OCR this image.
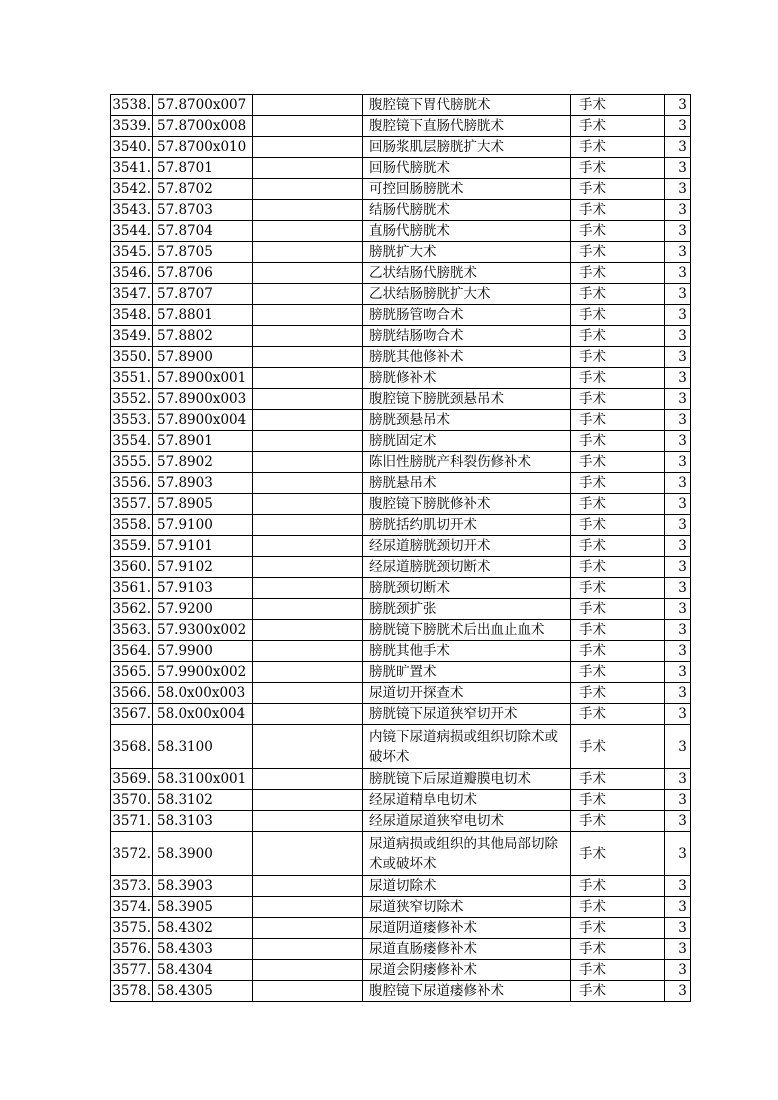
3538.	57.8700x007		腹腔镜下胃代膀胱术	手术	3
3539.	57.8700x008		腹腔镜下直肠代膀胱术	手术	3
3540.	57.8700x010		回肠浆肌层膀胱扩大术	手术	3
3541.	57.8701		回肠代膀胱术	手术	3
3542.	57.8702		可控回肠膀胱术	手术	3
3543.	57.8703		结肠代膀胱术	手术	3
3544.	57.8704		直肠代膀胱术	手术	3
3545.	57.8705		膀胱扩大术	手术	3
3546.	57.8706		乙状结肠代膀胱术	手术	3
3547.	57.8707		乙状结肠膀胱扩大术	手术	3
3548.	57.8801		膀胱肠管吻合术	手术	3
3549.	57.8802		膀胱结肠吻合术	手术	3
3550.	57.8900		膀胱其他修补术	手术	3
3551.	57.8900x001		膀胱修补术	手术	3
3552.	57.8900x003		腹腔镜下膀胱颈悬吊术	手术	3
3553.	57.8900x004		膀胱颈悬吊术	手术	3
3554.	57.8901		膀胱固定术	手术	3
3555.	57.8902		陈旧性膀胱产科裂伤修补术	手术	3
3556.	57.8903		膀胱悬吊术	手术	3
3557.	57.8905		腹腔镜下膀胱修补术	手术	3
3558.	57.9100		膀胱括约肌切开术	手术	3
3559.	57.9101		经尿道膀胱颈切开术	手术	3
3560.	57.9102		经尿道膀胱颈切断术	手术	3
3561.	57.9103		膀胱颈切断术	手术	3
3562.	57.9200		膀胱颈扩张	手术	3
3563.	57.9300x002		膀胱镜下膀胱术后出血止血术	手术	3
3564.	57.9900		膀胱其他手术	手术	3
3565.	57.9900x002		膀胱旷置术	手术	3
3566.	58.0x00x003		尿道切开探查术	手术	3
3567.	58.0x00x004		膀胱镜下尿道狭窄切开术	手术	3
3568.	58.3100		内镜下尿道病损或组织切除术或破坏术	手术	3
3569.	58.3100x001		膀胱镜下后尿道瓣膜电切术	手术	3
3570.	58.3102		经尿道精阜电切术	手术	3
3571.	58.3103		经尿道尿道狭窄电切术	手术	3
3572.	58.3900		尿道病损或组织的其他局部切除术或破坏术	手术	3
3573.	58.3903		尿道切除术	手术	3
3574.	58.3905		尿道狭窄切除术	手术	3
3575.	58.4302		尿道阴道瘘修补术	手术	3
3576.	58.4303		尿道直肠瘘修补术	手术	3
3577.	58.4304		尿道会阴瘘修补术	手术	3
3578.	58.4305		腹腔镜下尿道瘘修补术	手术	3
